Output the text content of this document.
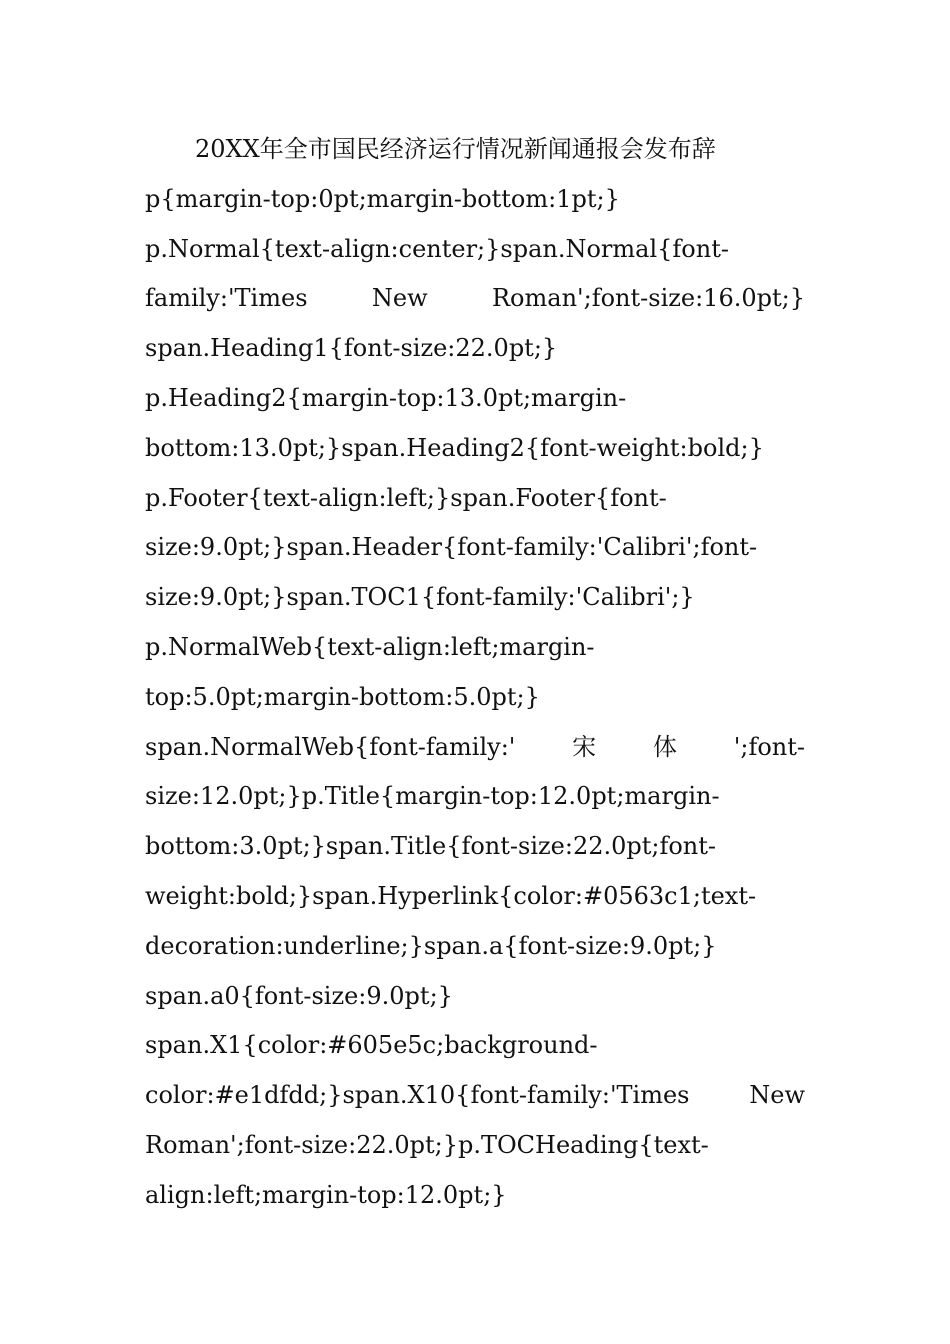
20XX年全市国民经济运行情况新闻通报会发布辞

p{margin-top:0pt;margin-bottom:1pt;}
p.Normal{text-align:center;}span.Normal{font-
family:'Times	New	Roman';font-size:16.0pt;}
span.Heading1{font-size:22.0pt;}
p.Heading2{margin-top:13.0pt;margin-
bottom:13.0pt;}span.Heading2{font-weight:bold;}
p.Footer{text-align:left;}span.Footer{font-
size:9.0pt;}span.Header{font-family:'Calibri';font-
size:9.0pt;}span.TOC1{font-family:'Calibri';}
p.NormalWeb{text-align:left;margin-
top:5.0pt;margin-bottom:5.0pt;}
span.NormalWeb{font-family:' 宋 体 ';font-
size:12.0pt;}p.Title{margin-top:12.0pt;margin-
bottom:3.0pt;}span.Title{font-size:22.0pt;font-
weight:bold;}span.Hyperlink{color:#0563c1;text-
decoration:underline;}span.a{font-size:9.0pt;}
span.a0{font-size:9.0pt;}
span.X1{color:#605e5c;background-
color:#e1dfdd;}span.X10{font-family:'Times New
Roman';font-size:22.0pt;}p.TOCHeading{text-
align:left;margin-top:12.0pt;}
